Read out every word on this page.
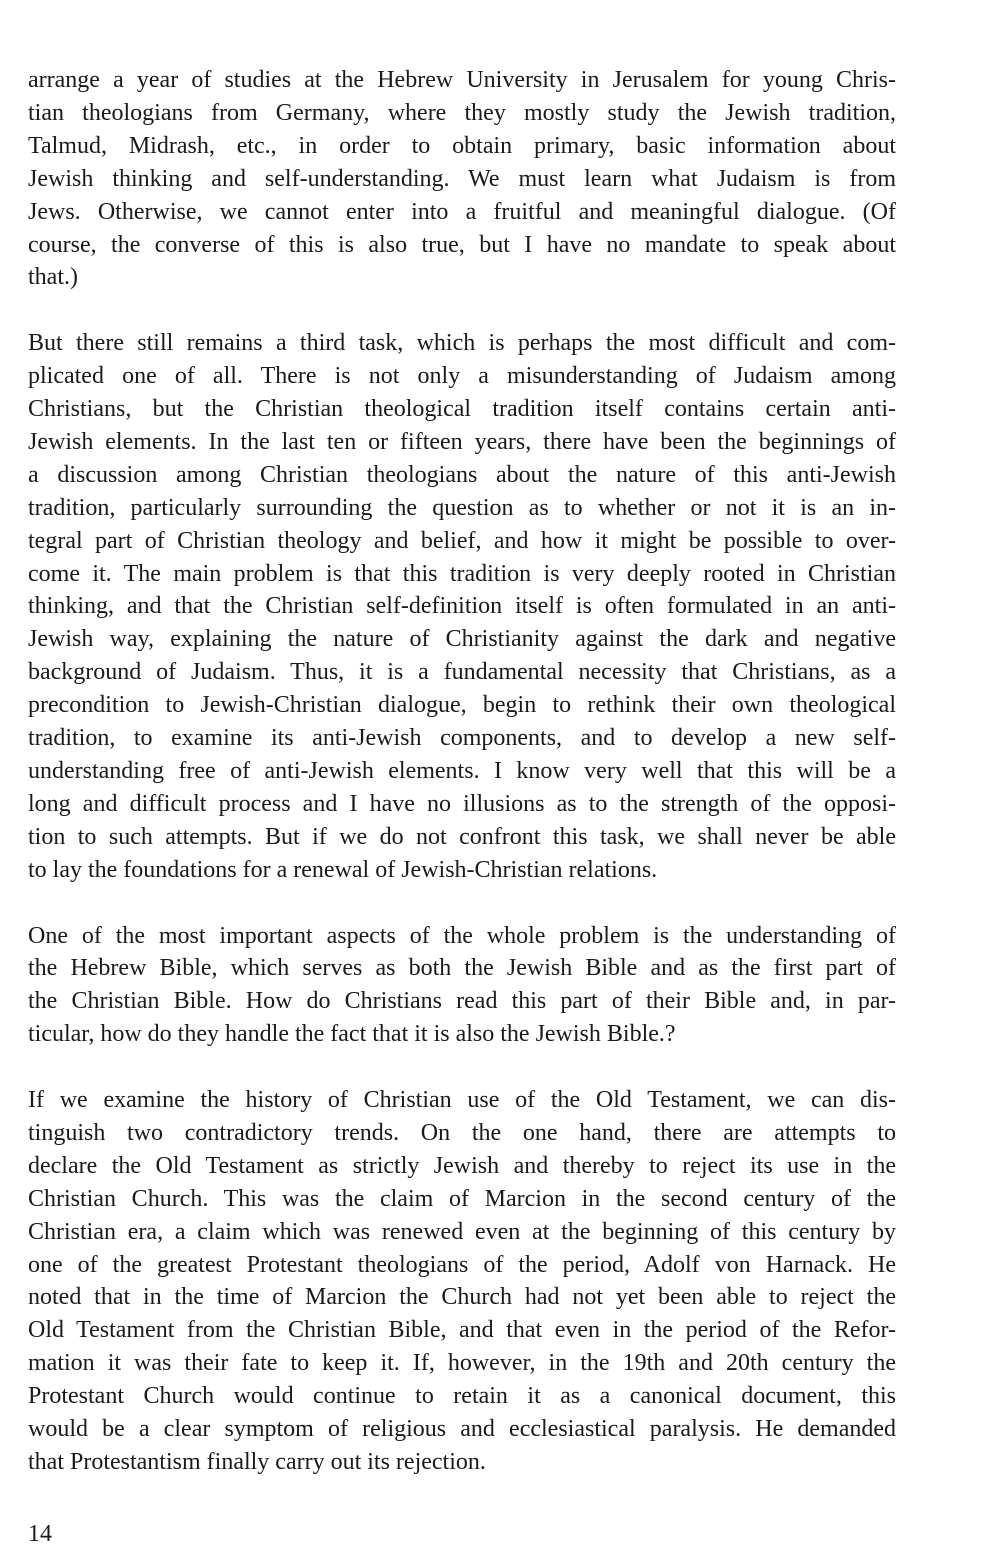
arrange a year of studies at the Hebrew University in Jerusalem for young Chris-
tian theologians from Germany, where they mostly study the Jewish tradition,
Talmud, Midrash, etc., in order to obtain primary, basic information about
Jewish thinking and self-understanding. We must learn what Judaism is from
Jews. Otherwise, we cannot enter into a fruitful and meaningful dialogue. (Of
course, the converse of this is also true, but I have no mandate to speak about
that.)
But there still remains a third task, which is perhaps the most difficult and com-
plicated one of all. There is not only a misunderstanding of Judaism among
Christians, but the Christian theological tradition itself contains certain anti-
Jewish elements. In the last ten or fifteen years, there have been the beginnings of
a discussion among Christian theologians about the nature of this anti-Jewish
tradition, particularly surrounding the question as to whether or not it is an in-
tegral part of Christian theology and belief, and how it might be possible to over-
come it. The main problem is that this tradition is very deeply rooted in Christian
thinking, and that the Christian self-definition itself is often formulated in an anti-
Jewish way, explaining the nature of Christianity against the dark and negative
background of Judaism. Thus, it is a fundamental necessity that Christians, as a
precondition to Jewish-Christian dialogue, begin to rethink their own theological
tradition, to examine its anti-Jewish components, and to develop a new self-
understanding free of anti-Jewish elements. I know very well that this will be a
long and difficult process and I have no illusions as to the strength of the opposi-
tion to such attempts. But if we do not confront this task, we shall never be able
to lay the foundations for a renewal of Jewish-Christian relations.
One of the most important aspects of the whole problem is the understanding of
the Hebrew Bible, which serves as both the Jewish Bible and as the first part of
the Christian Bible. How do Christians read this part of their Bible and, in par-
ticular, how do they handle the fact that it is also the Jewish Bible.?
If we examine the history of Christian use of the Old Testament, we can dis-
tinguish two contradictory trends. On the one hand, there are attempts to
declare the Old Testament as strictly Jewish and thereby to reject its use in the
Christian Church. This was the claim of Marcion in the second century of the
Christian era, a claim which was renewed even at the beginning of this century by
one of the greatest Protestant theologians of the period, Adolf von Harnack. He
noted that in the time of Marcion the Church had not yet been able to reject the
Old Testament from the Christian Bible, and that even in the period of the Refor-
mation it was their fate to keep it. If, however, in the 19th and 20th century the
Protestant Church would continue to retain it as a canonical document, this
would be a clear symptom of religious and ecclesiastical paralysis. He demanded
that Protestantism finally carry out its rejection.
14
